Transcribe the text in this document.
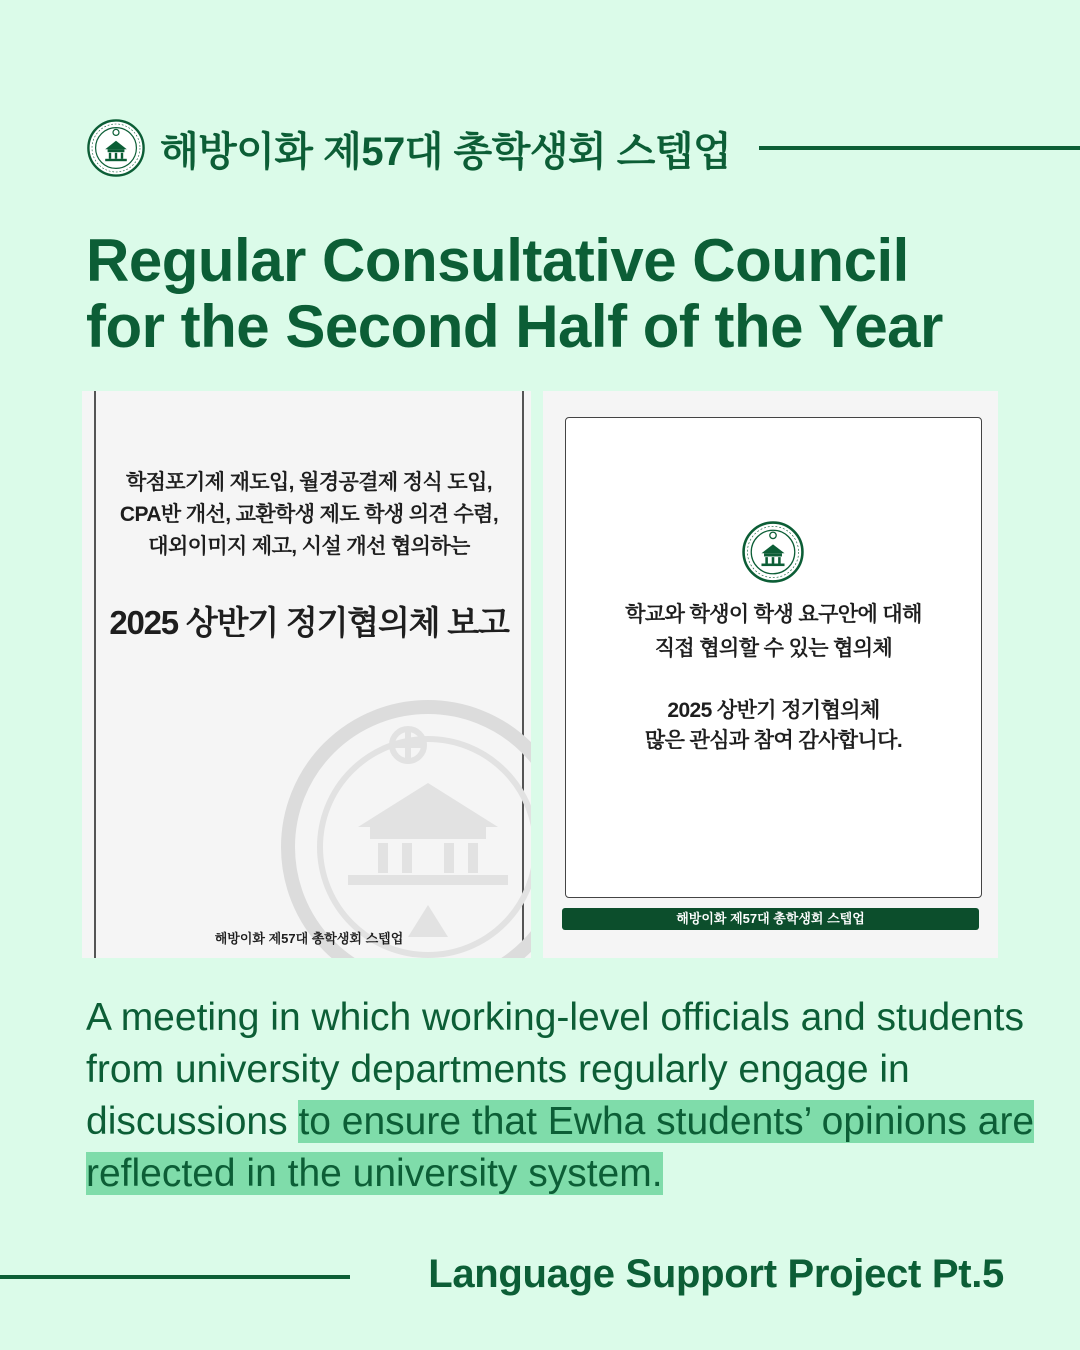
해방이화 제57대 총학생회 스텝업
Regular Consultative Council
for the Second Half of the Year
학점포기제 재도입, 월경공결제 정식 도입,
CPA반 개선, 교환학생 제도 학생 의견 수렴,
대외이미지 제고, 시설 개선 협의하는
2025 상반기 정기협의체 보고
해방이화 제57대 총학생회 스텝업
학교와 학생이 학생 요구안에 대해
직접 협의할 수 있는 협의체
2025 상반기 정기협의체
많은 관심과 참여 감사합니다.
해방이화 제57대 총학생회 스텝업

A meeting in which working-level officials and students from university departments regularly engage in discussions to ensure that Ewha students’ opinions are reflected in the university system.

Language Support Project Pt.5
